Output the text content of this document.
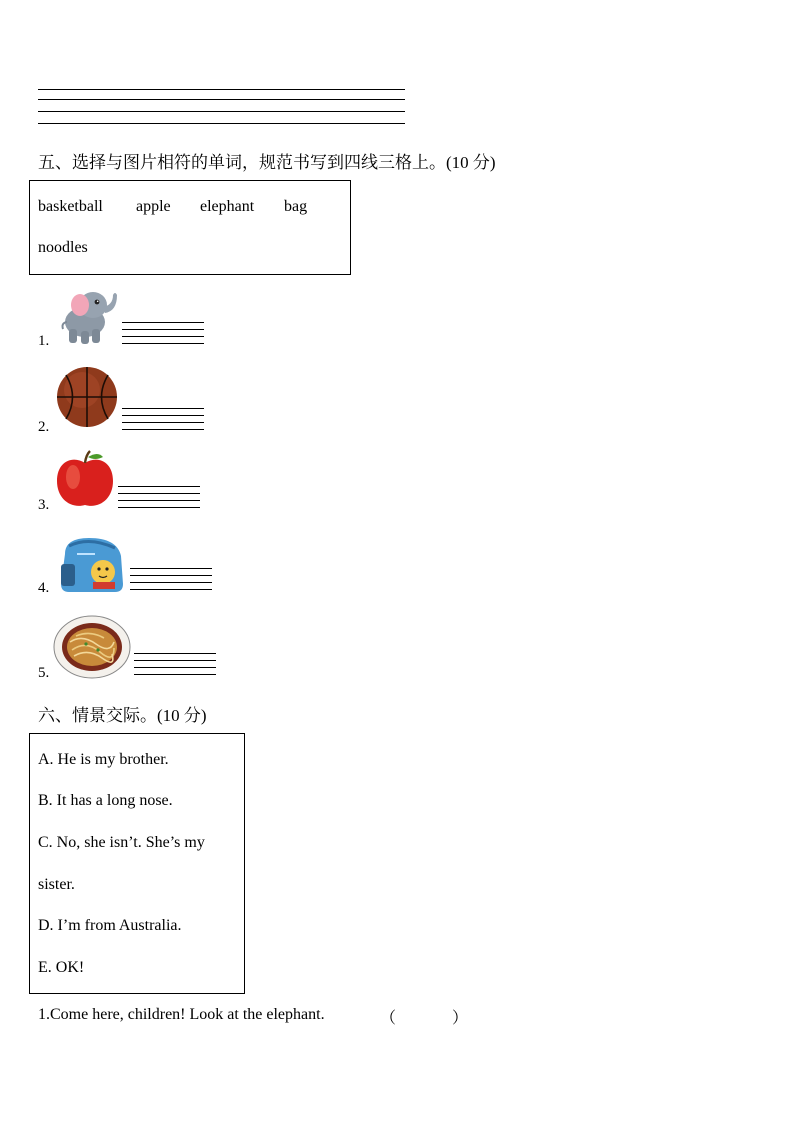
五、选择与图片相符的单词，规范书写到四线三格上。(10 分)
basketball apple elephant bag
noodles
1.
2.
3.
4.
5.
六、情景交际。(10 分)
A. He is my brother.
B. It has a long nose.
C. No, she isn’t. She’s my
sister.
D. I’m from Australia.
E. OK!
1.Come here, children! Look at the elephant.	（	）
